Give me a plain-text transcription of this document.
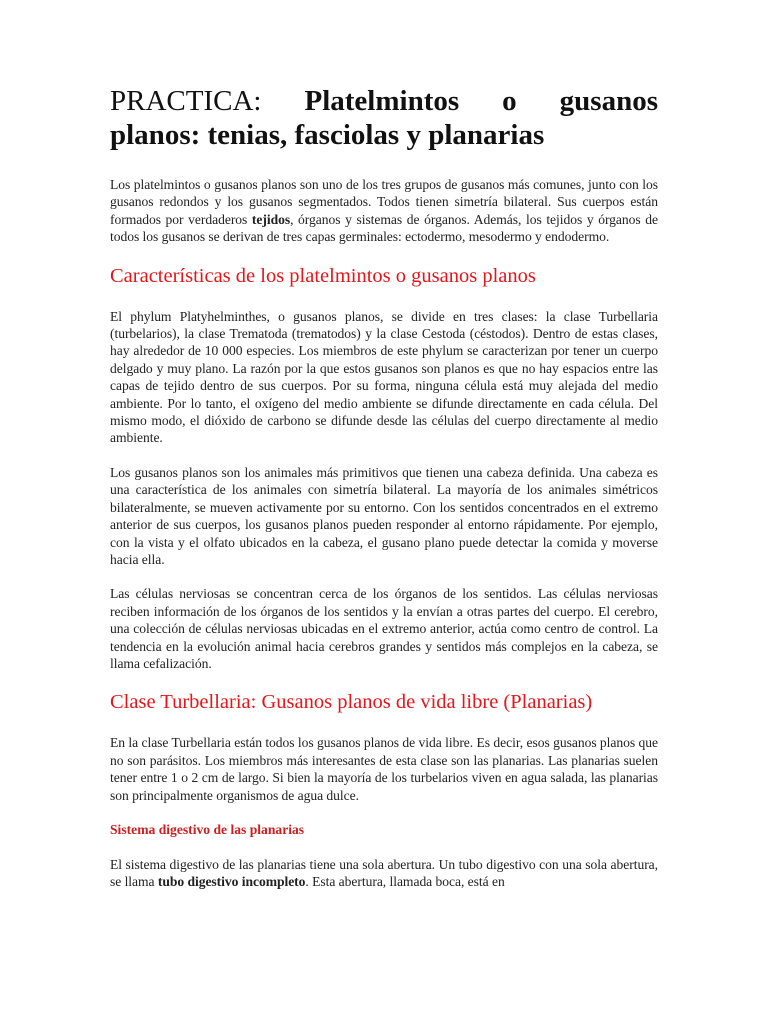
PRACTICA: Platelmintos o gusanos
planos: tenias, fasciolas y planarias

Los platelmintos o gusanos planos son uno de los tres grupos de gusanos más comunes, junto con los gusanos redondos y los gusanos segmentados. Todos tienen simetría bilateral. Sus cuerpos están formados por verdaderos tejidos, órganos y sistemas de órganos. Además, los tejidos y órganos de todos los gusanos se derivan de tres capas germinales: ectodermo, mesodermo y endodermo.

Características de los platelmintos o gusanos planos

El phylum Platyhelminthes, o gusanos planos, se divide en tres clases: la clase Turbellaria (turbelarios), la clase Trematoda (trematodos) y la clase Cestoda (céstodos). Dentro de estas clases, hay alrededor de 10 000 especies. Los miembros de este phylum se caracterizan por tener un cuerpo delgado y muy plano. La razón por la que estos gusanos son planos es que no hay espacios entre las capas de tejido dentro de sus cuerpos. Por su forma, ninguna célula está muy alejada del medio ambiente. Por lo tanto, el oxígeno del medio ambiente se difunde directamente en cada célula. Del mismo modo, el dióxido de carbono se difunde desde las células del cuerpo directamente al medio ambiente.

Los gusanos planos son los animales más primitivos que tienen una cabeza definida. Una cabeza es una característica de los animales con simetría bilateral. La mayoría de los animales simétricos bilateralmente, se mueven activamente por su entorno. Con los sentidos concentrados en el extremo anterior de sus cuerpos, los gusanos planos pueden responder al entorno rápidamente. Por ejemplo, con la vista y el olfato ubicados en la cabeza, el gusano plano puede detectar la comida y moverse hacia ella.

Las células nerviosas se concentran cerca de los órganos de los sentidos. Las células nerviosas reciben información de los órganos de los sentidos y la envían a otras partes del cuerpo. El cerebro, una colección de células nerviosas ubicadas en el extremo anterior, actúa como centro de control. La tendencia en la evolución animal hacia cerebros grandes y sentidos más complejos en la cabeza, se llama cefalización.

Clase Turbellaria: Gusanos planos de vida libre (Planarias)

En la clase Turbellaria están todos los gusanos planos de vida libre. Es decir, esos gusanos planos que no son parásitos. Los miembros más interesantes de esta clase son las planarias. Las planarias suelen tener entre 1 o 2 cm de largo. Si bien la mayoría de los turbelarios viven en agua salada, las planarias son principalmente organismos de agua dulce.

Sistema digestivo de las planarias

El sistema digestivo de las planarias tiene una sola abertura. Un tubo digestivo con una sola abertura, se llama tubo digestivo incompleto. Esta abertura, llamada boca, está en
